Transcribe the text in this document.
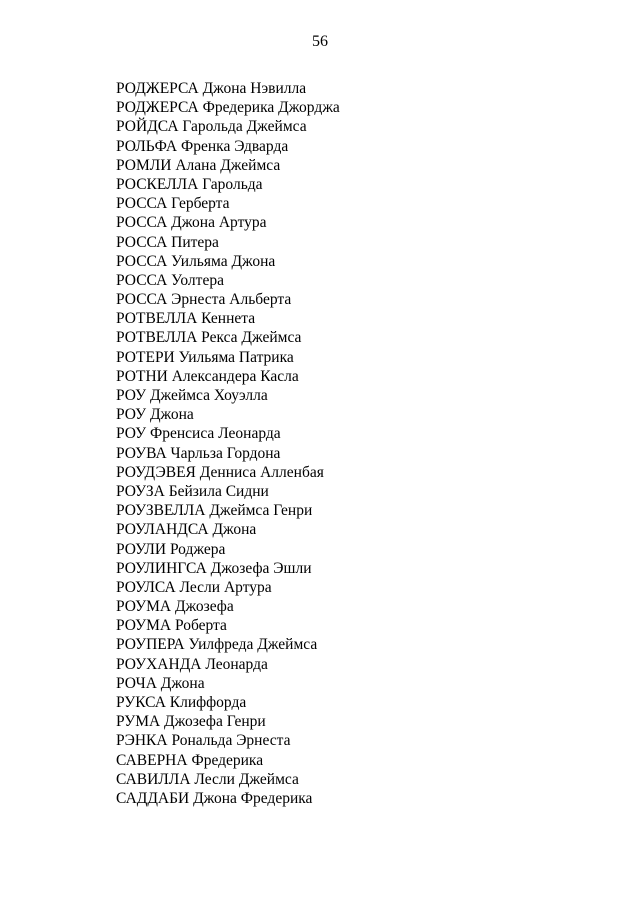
56
РОДЖЕРСА Джона Нэвилла
РОДЖЕРСА Фредерика Джорджа
РОЙДСА Гарольда Джеймса
РОЛЬФА Френка Эдварда
РОМЛИ Алана Джеймса
РОСКЕЛЛА Гарольда
РОССА Герберта
РОССА Джона Артура
РОССА Питера
РОССА Уильяма Джона
РОССА Уолтера
РОССА Эрнеста Альберта
РОТВЕЛЛА Кеннета
РОТВЕЛЛА Рекса Джеймса
РОТЕРИ Уильяма Патрика
РОТНИ Александера Касла
РОУ Джеймса Хоуэлла
РОУ Джона
РОУ Френсиса Леонарда
РОУВА Чарльза Гордона
РОУДЭВЕЯ Денниса Алленбая
РОУЗА Бейзила Сидни
РОУЗВЕЛЛА Джеймса Генри
РОУЛАНДСА Джона
РОУЛИ Роджера
РОУЛИНГСА Джозефа Эшли
РОУЛСА Лесли Артура
РОУМА Джозефа
РОУМА Роберта
РОУПЕРА Уилфреда Джеймса
РОУХАНДА Леонарда
РОЧА Джона
РУКСА Клиффорда
РУМА Джозефа Генри
РЭНКА Рональда Эрнеста
САВЕРНА Фредерика
САВИЛЛА Лесли Джеймса
САДДАБИ Джона Фредерика
